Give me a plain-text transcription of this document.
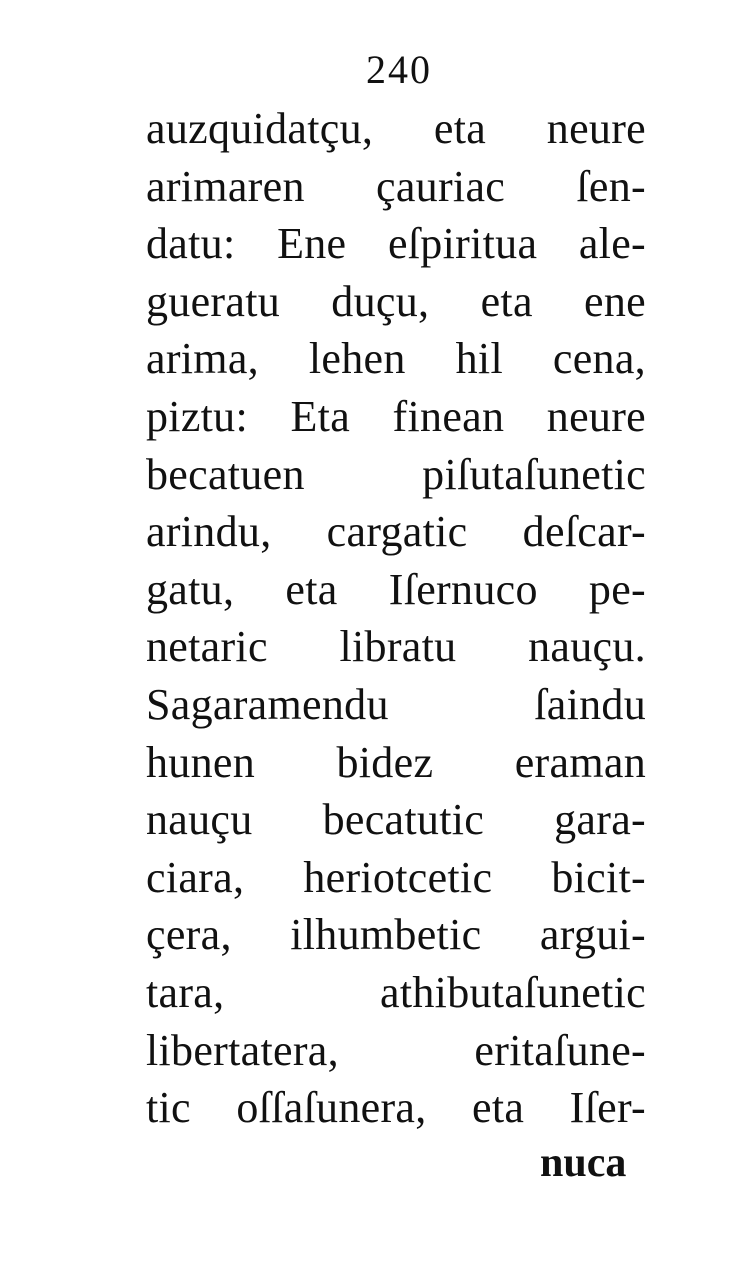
240
auzquidatçu, eta neure
arimaren çauriac ſen-
datu: Ene eſpiritua ale-
gueratu duçu, eta ene
arima, lehen hil cena,
piztu: Eta finean neure
becatuen piſutaſunetic
arindu, cargatic deſcar-
gatu, eta Iſernuco pe-
netaric libratu nauçu.
Sagaramendu ſaindu
hunen bidez eraman
nauçu becatutic gara-
ciara, heriotcetic bicit-
çera, ilhumbetic argui-
tara, athibutaſunetic
libertatera, eritaſune-
tic oſſaſunera, eta Iſer-
nuca
